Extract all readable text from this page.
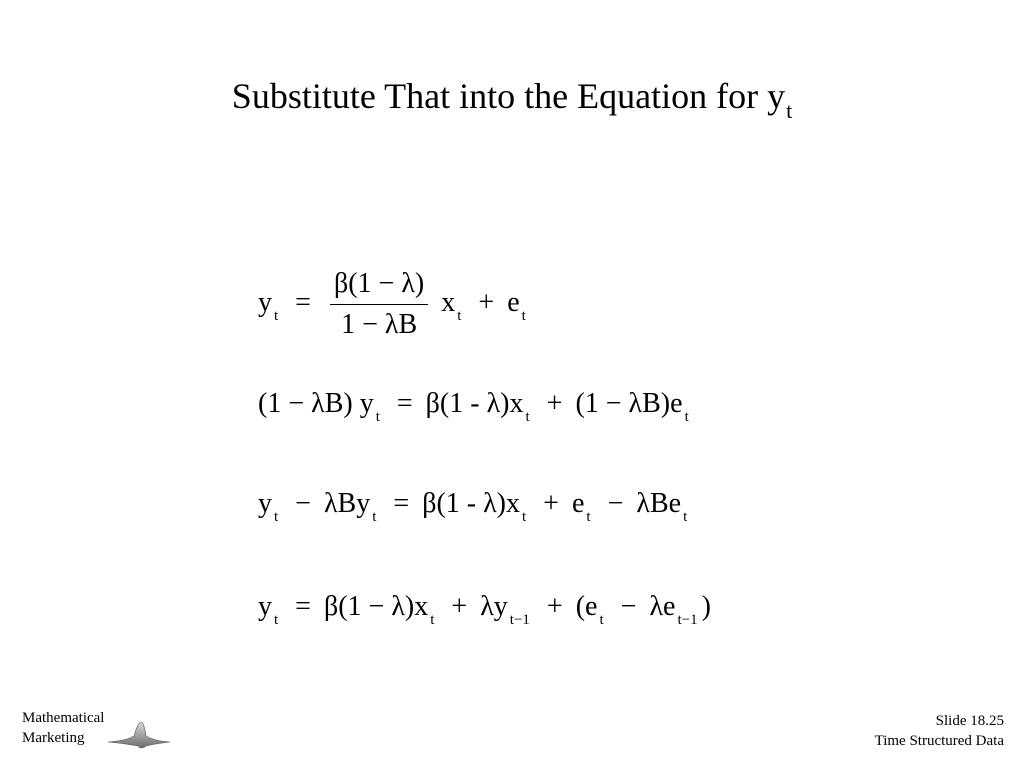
Substitute That into the Equation for $y_t$
y $_t = \frac{\beta(1 - \lambda)}{1 - \lambda B}$ x $_t$ + e $_t$
(1 − λB) y $_t$ = β(1 - λ)x $_t$ + (1 − λB)e $_t$
y $_t$ − λBy $_t$ = β(1 - λ)x $_t$ + e $_t$ − λBe $_t$
y $_t$ = β(1 − λ)x $_t$ + λy $_{t-1}$ + (e $_t$ − λe $_{t-1}$ )
Mathematical
Marketing
Slide 18.25
Time Structured Data
